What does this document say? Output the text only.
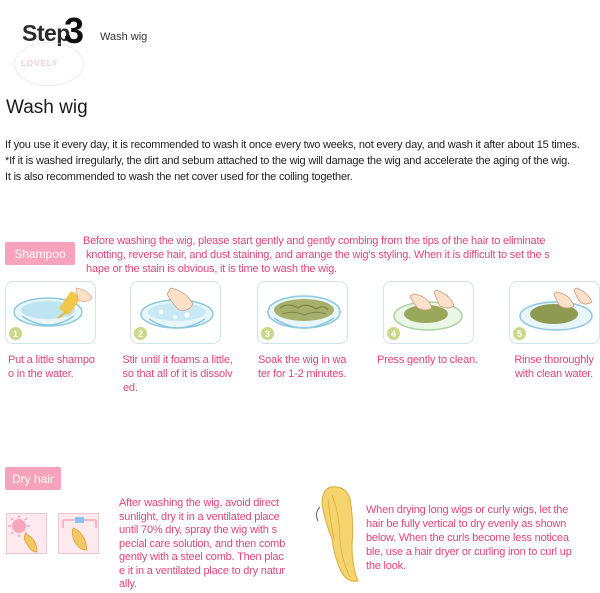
Step
3 Wash wig
LOVELY
Wash wig

If you use it every day, it is recommended to wash it once every two weeks, not every day, and wash it after about 15 times.

*If it is washed irregularly, the dirt and sebum attached to the wig will damage the wig and accelerate the aging of the wig.

It is also recommended to wash the net cover used for the coiling together.

Shampoo

Before washing the wig, please start gently and gently combing from the tips of the hair to eliminate

knotting, reverse hair, and dust staining, and arrange the wig's styling. When it is difficult to set the s

hape or the stain is obvious, it is time to wash the wig.

1	2	3	4	5

Put a little shampo

o in the water.

Stir until it foams a little,

so that all of it is dissolv

ed.

Soak the wig in wa

ter for 1-2 minutes.

Press gently to clean.	Rinse thoroughly

with clean water.

Dry hair

After washing the wig, avoid direct

sunlight, dry it in a ventilated place

until 70% dry, spray the wig with s

pecial care solution, and then comb

gently with a steel comb. Then plac

e it in a ventilated place to dry natur

ally.

When drying long wigs or curly wigs, let the

hair be fully vertical to dry evenly as shown

below. When the curls become less noticea

ble, use a hair dryer or curling iron to curl up

the look.
